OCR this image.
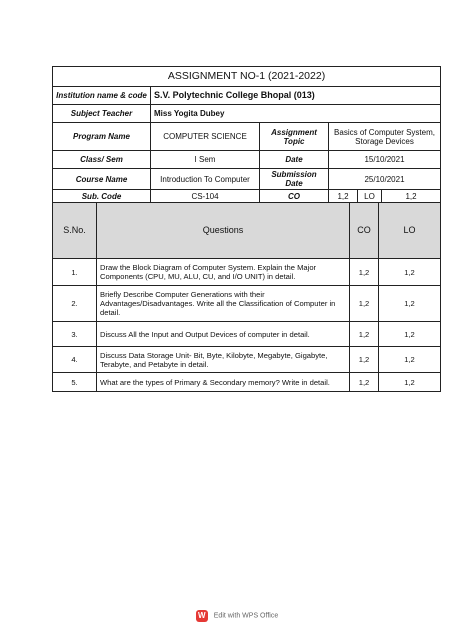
ASSIGNMENT NO-1 (2021-2022)					
Institution name & code	S.V. Polytechnic College Bhopal (013)				
Subject Teacher	Miss Yogita Dubey				
Program Name	COMPUTER SCIENCE	Assignment Topic	Basics of Computer System, Storage Devices		
Class/ Sem	I Sem	Date	15/10/2021		
Course Name	Introduction To Computer	Submission Date	25/10/2021		
Sub. Code	CS-104	CO	1,2	LO	1,2
S.No.	Questions	CO	LO
1.	Draw the Block Diagram of Computer System. Explain the Major Components (CPU, MU, ALU, CU, and I/O UNIT) in detail.	1,2	1,2
2.	Briefly Describe Computer Generations with their Advantages/Disadvantages. Write all the Classification of Computer in detail.	1,2	1,2
3.	Discuss All the Input and Output Devices of computer in detail.	1,2	1,2
4.	Discuss Data Storage Unit- Bit, Byte, Kilobyte, Megabyte, Gigabyte, Terabyte, and Petabyte in detail.	1,2	1,2
5.	What are the types of Primary & Secondary memory? Write in detail.	1,2	1,2
W Edit with WPS Office
